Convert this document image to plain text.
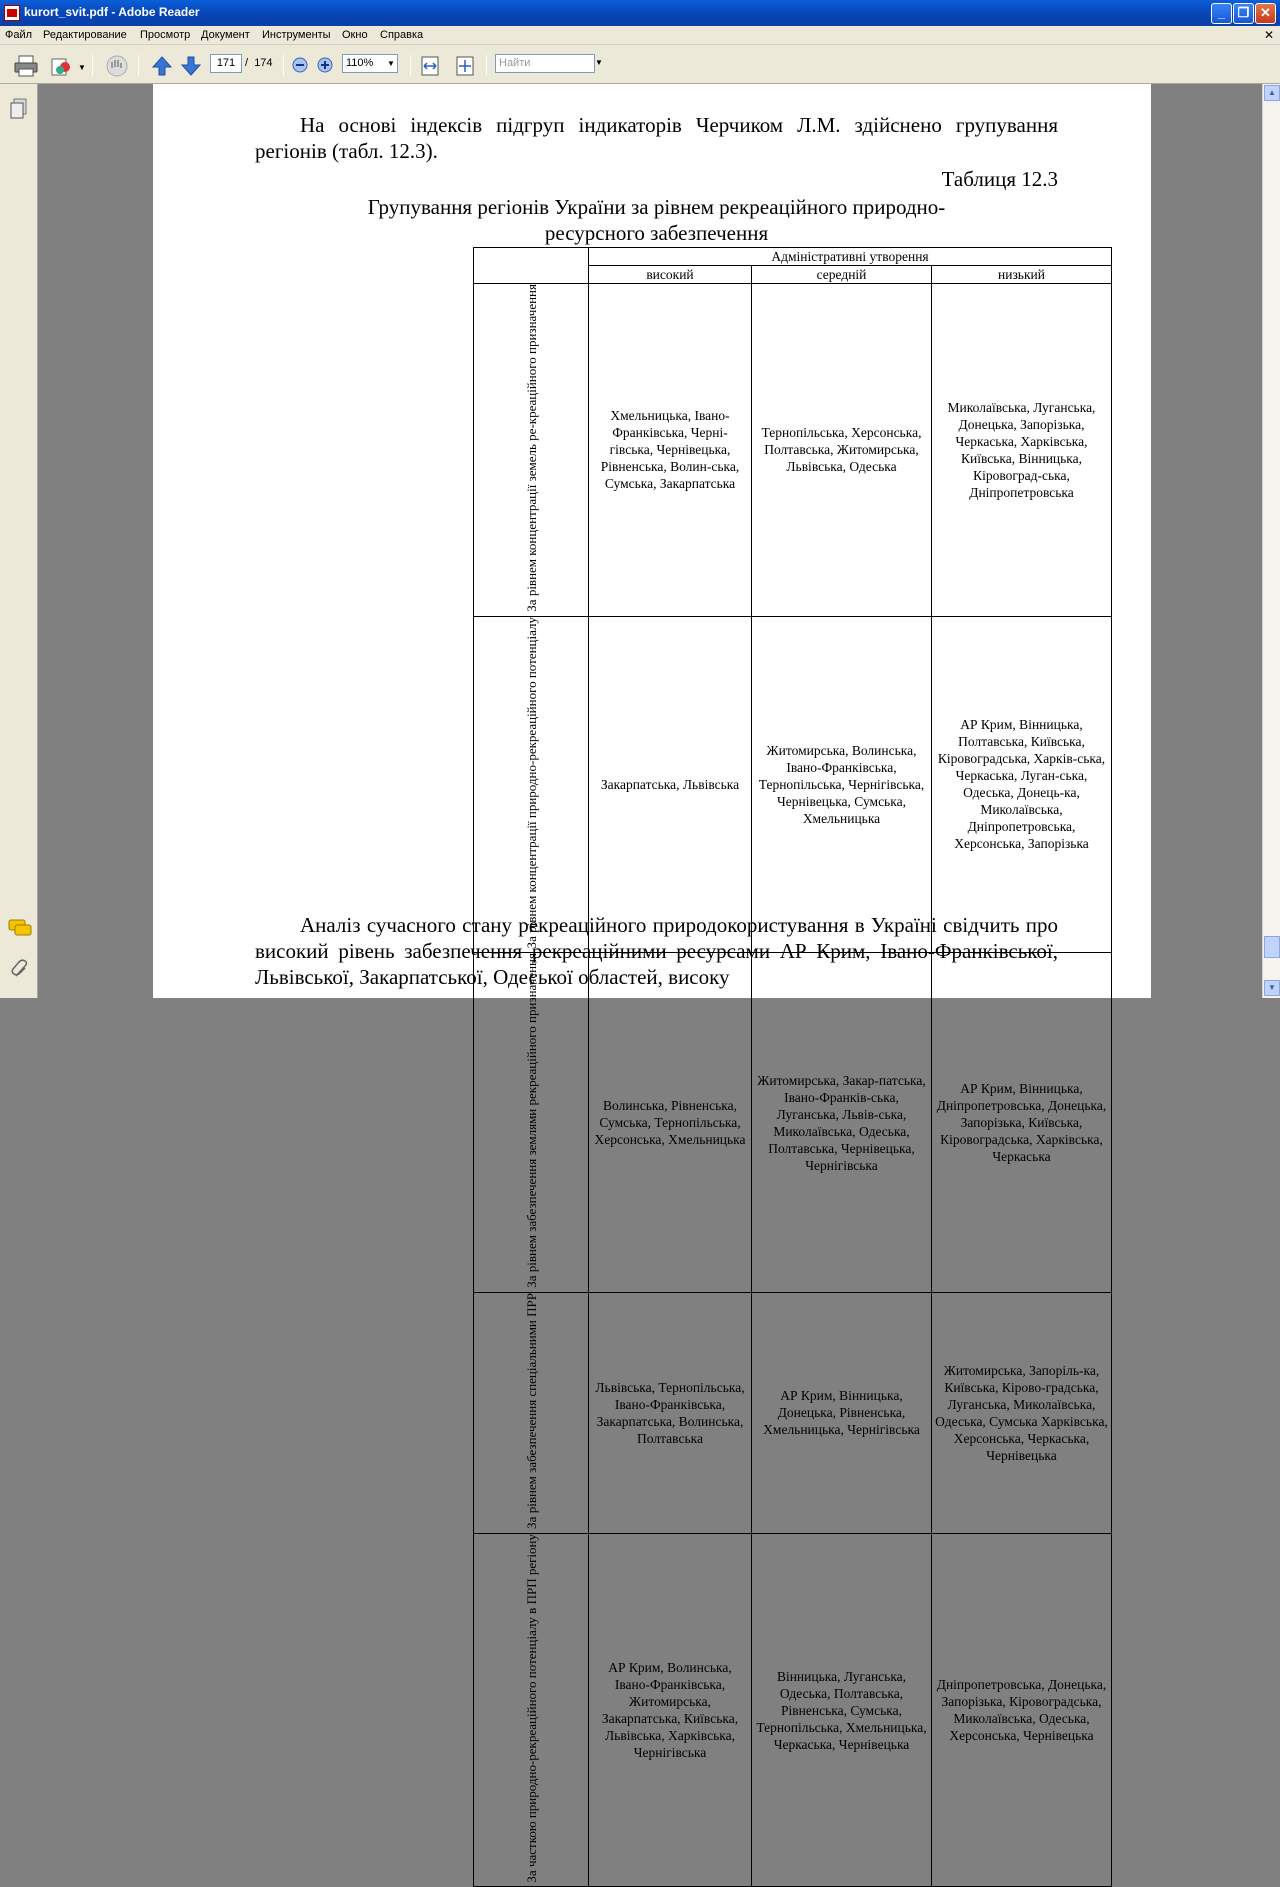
kurort_svit.pdf - Adobe Reader	_ ❐ ✕
Файл Редактирование Просмотр Документ Инструменты Окно Справка	✕
▼	171 / 174	110% ▼	Найти	▼
На основі індексів підгруп індикаторів Черчиком Л.М. здійснено групування регіонів (табл. 12.3).
Таблиця 12.3
Групування регіонів України за рівнем рекреаційного природно-
ресурсного забезпечення
	Адміністративні утворення		
	високий	середній	низький
За рівнем концентрації земель ре-креаційного призначення	Хмельницька, Івано-Франківська, Черні-гівська, Чернівецька, Рівненська, Волин-ська, Сумська, Закарпатська	Тернопільська, Херсонська, Полтавська, Житомирська, Львівська, Одеська	Миколаївська, Луганська, Донецька, Запорізька, Черкаська, Харківська, Київська, Вінницька, Кіровоград-ська, Дніпропетровська
За рівнем концентрації природно-рекреаційного потенціалу	Закарпатська, Львівська	Житомирська, Волинська, Івано-Франківська, Тернопільська, Чернігівська, Чернівецька, Сумська, Хмельницька	АР Крим, Вінницька, Полтавська, Київська, Кіровоградська, Харків-ська, Черкаська, Луган-ська, Одеська, Донець-ка, Миколаївська, Дніпропетровська, Херсонська, Запорізька
За рівнем забезпечення землями рекреаційного призначення	Волинська, Рівненська, Сумська, Тернопільська, Херсонська, Хмельницька	Житомирська, Закар-патська, Івано-Франків-ська, Луганська, Львів-ська, Миколаївська, Одеська, Полтавська, Чернівецька, Чернігівська	АР Крим, Вінницька, Дніпропетровська, Донецька, Запорізька, Київська, Кіровоградська, Харківська, Черкаська
За рівнем забезпечення спеціальними ПРР	Львівська, Тернопільська, Івано-Франківська, Закарпатська, Волинська, Полтавська	АР Крим, Вінницька, Донецька, Рівненська, Хмельницька, Чернігівська	Житомирська, Запоріль-ка, Київська, Кірово-градська, Луганська, Миколаївська, Одеська, Сумська Харківська, Херсонська, Черкаська, Чернівецька
За часткою природно-рекреаційного потенціалу в ПРП регіону	АР Крим, Волинська, Івано-Франківська, Житомирська, Закарпатська, Київська, Львівська, Харківська, Чернігівська	Вінницька, Луганська, Одеська, Полтавська, Рівненська, Сумська, Тернопільська, Хмельницька, Черкаська, Чернівецька	Дніпропетровська, Донецька, Запорізька, Кіровоградська, Миколаївська, Одеська, Херсонська, Чернівецька
Аналіз сучасного стану рекреаційного природокористування в Україні свідчить про високий рівень забезпечення рекреаційними ресурсами АР Крим, Івано-Франківської, Львівської, Закарпатської, Одеської областей, високу
▲
▼
